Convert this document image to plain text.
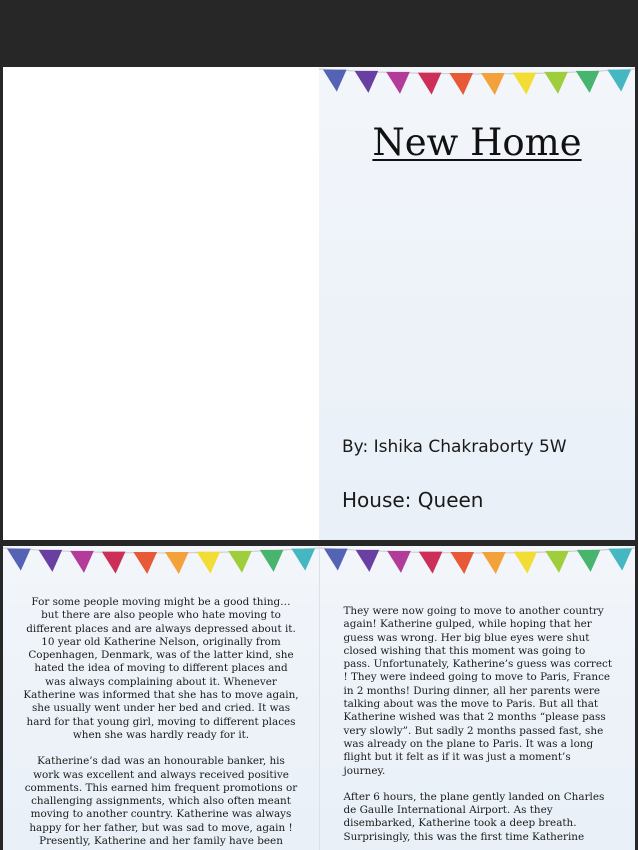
New Home

By: Ishika Chakraborty 5W

House: Queen

For some people moving might be a good thing… but there are also people who hate moving to different places and are always depressed about it. 10 year old Katherine Nelson, originally from Copenhagen, Denmark, was of the latter kind, she hated the idea of moving to different places and was always complaining about it. Whenever Katherine was informed that she has to move again, she usually went under her bed and cried. It was hard for that young girl, moving to different places when she was hardly ready for it.

Katherine’s dad was an honourable banker, his work was excellent and always received positive comments. This earned him frequent promotions or challenging assignments, which also often meant moving to another country. Katherine was always happy for her father, but was sad to move, again ! Presently, Katherine and her family have been

They were now going to move to another country again! Katherine gulped, while hoping that her guess was wrong. Her big blue eyes were shut closed wishing that this moment was going to pass. Unfortunately, Katherine’s guess was correct ! They were indeed going to move to Paris, France in 2 months! During dinner, all her parents were talking about was the move to Paris. But all that Katherine wished was that 2 months “please pass very slowly”. But sadly 2 months passed fast, she was already on the plane to Paris. It was a long flight but it felt as if it was just a moment’s journey.

After 6 hours, the plane gently landed on Charles de Gaulle International Airport. As they disembarked, Katherine took a deep breath. Surprisingly, this was the first time Katherine
